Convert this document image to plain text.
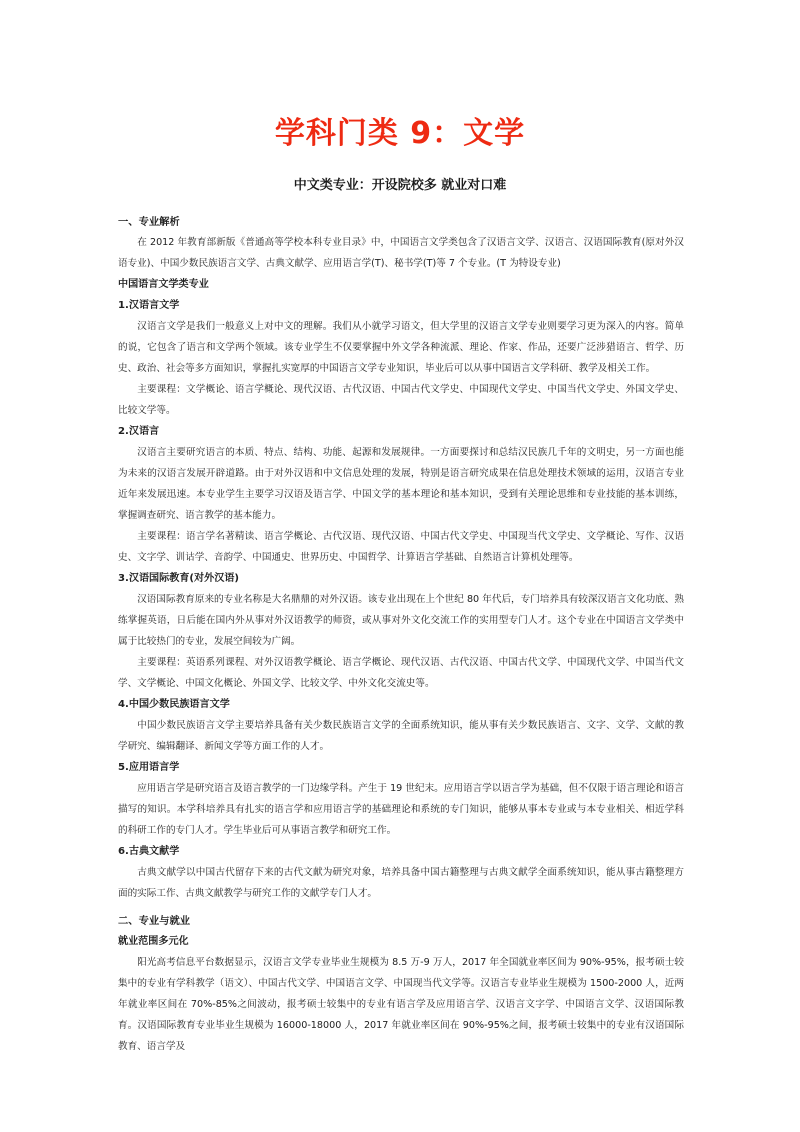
学科门类 9：文学
中文类专业：开设院校多 就业对口难
一、专业解析

在 2012 年教育部新版《普通高等学校本科专业目录》中，中国语言文学类包含了汉语言文学、汉语言、汉语国际教育(原对外汉语专业)、中国少数民族语言文学、古典文献学、应用语言学(T)、秘书学(T)等 7 个专业。(T 为特设专业)

中国语言文学类专业
1.汉语言文学

汉语言文学是我们一般意义上对中文的理解。我们从小就学习语文，但大学里的汉语言文学专业则要学习更为深入的内容。简单的说，它包含了语言和文学两个领域。该专业学生不仅要掌握中外文学各种流派、理论、作家、作品，还要广泛涉猎语言、哲学、历史、政治、社会等多方面知识，掌握扎实宽厚的中国语言文学专业知识，毕业后可以从事中国语言文学科研、教学及相关工作。

主要课程：文学概论、语言学概论、现代汉语、古代汉语、中国古代文学史、中国现代文学史、中国当代文学史、外国文学史、比较文学等。

2.汉语言

汉语言主要研究语言的本质、特点、结构、功能、起源和发展规律。一方面要探讨和总结汉民族几千年的文明史，另一方面也能为未来的汉语言发展开辟道路。由于对外汉语和中文信息处理的发展，特别是语言研究成果在信息处理技术领域的运用，汉语言专业近年来发展迅速。本专业学生主要学习汉语及语言学、中国文学的基本理论和基本知识，受到有关理论思维和专业技能的基本训练，掌握调查研究、语言教学的基本能力。

主要课程：语言学名著精读、语言学概论、古代汉语、现代汉语、中国古代文学史、中国现当代文学史、文学概论、写作、汉语史、文字学、训诂学、音韵学、中国通史、世界历史、中国哲学、计算语言学基础、自然语言计算机处理等。

3.汉语国际教育(对外汉语)

汉语国际教育原来的专业名称是大名鼎鼎的对外汉语。该专业出现在上个世纪 80 年代后，专门培养具有较深汉语言文化功底、熟练掌握英语，日后能在国内外从事对外汉语教学的师资，或从事对外文化交流工作的实用型专门人才。这个专业在中国语言文学类中属于比较热门的专业，发展空间较为广阔。

主要课程：英语系列课程、对外汉语教学概论、语言学概论、现代汉语、古代汉语、中国古代文学、中国现代文学、中国当代文学、文学概论、中国文化概论、外国文学、比较文学、中外文化交流史等。

4.中国少数民族语言文学

中国少数民族语言文学主要培养具备有关少数民族语言文学的全面系统知识，能从事有关少数民族语言、文字、文学、文献的教学研究、编辑翻译、新闻文学等方面工作的人才。

5.应用语言学

应用语言学是研究语言及语言教学的一门边缘学科。产生于 19 世纪末。应用语言学以语言学为基础，但不仅限于语言理论和语言描写的知识。本学科培养具有扎实的语言学和应用语言学的基础理论和系统的专门知识，能够从事本专业或与本专业相关、相近学科的科研工作的专门人才。学生毕业后可从事语言教学和研究工作。

6.古典文献学

古典文献学以中国古代留存下来的古代文献为研究对象，培养具备中国古籍整理与古典文献学全面系统知识，能从事古籍整理方面的实际工作、古典文献教学与研究工作的文献学专门人才。

二、专业与就业
就业范围多元化

阳光高考信息平台数据显示，汉语言文学专业毕业生规模为 8.5 万-9 万人，2017 年全国就业率区间为 90%-95%，报考硕士较集中的专业有学科教学（语文）、中国古代文学、中国语言文学、中国现当代文学等。汉语言专业毕业生规模为 1500-2000 人，近两年就业率区间在 70%-85%之间波动，报考硕士较集中的专业有语言学及应用语言学、汉语言文字学、中国语言文学、汉语国际教育。汉语国际教育专业毕业生规模为 16000-18000 人，2017 年就业率区间在 90%-95%之间，报考硕士较集中的专业有汉语国际教育、语言学及
